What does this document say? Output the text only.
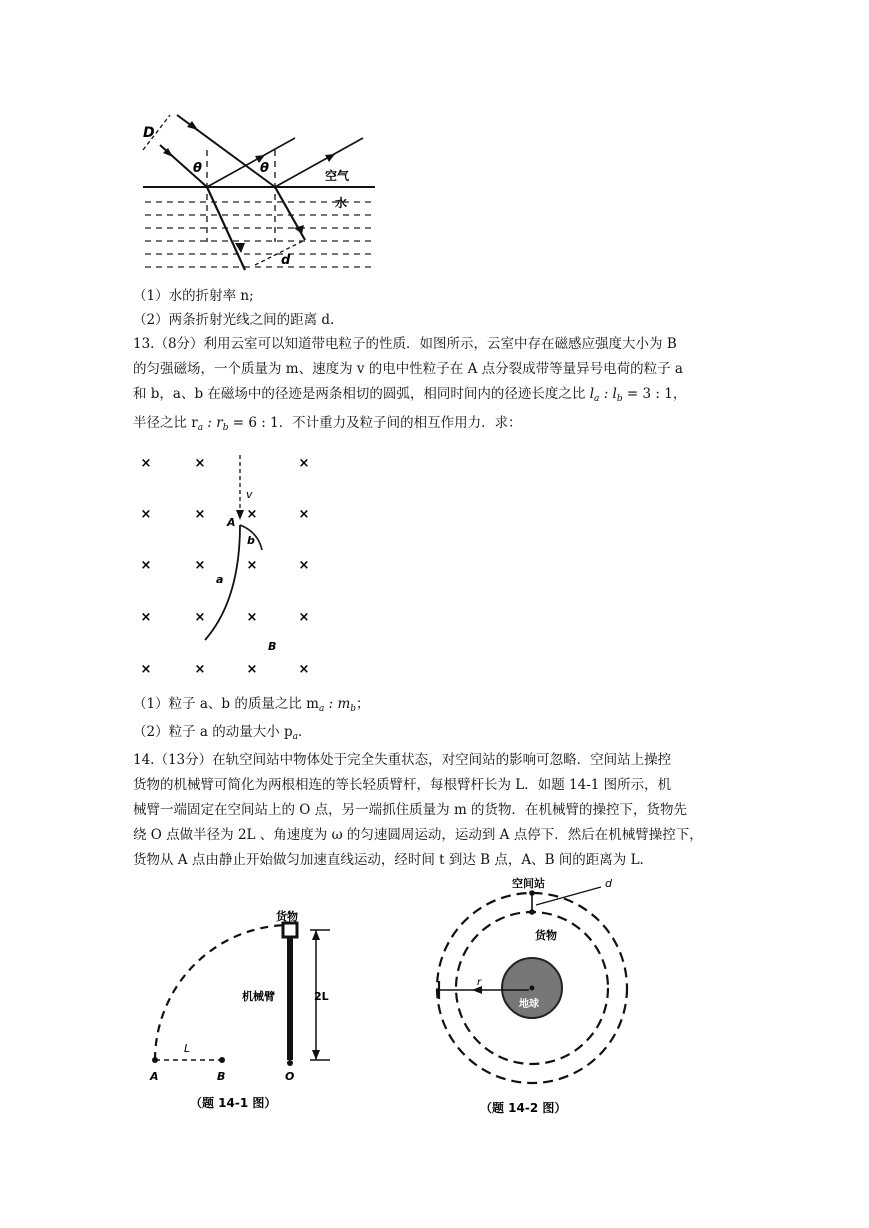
D
θ	θ	空气
水
d
（1）水的折射率 n;
（2）两条折射光线之间的距离 d.
13.（8分）利用云室可以知道带电粒子的性质．如图所示，云室中存在磁感应强度大小为 B
的匀强磁场，一个质量为 m、速度为 v 的电中性粒子在 A 点分裂成带等量异号电荷的粒子 a
和 b，a、b 在磁场中的径迹是两条相切的圆弧，相同时间内的径迹长度之比 $l_a$ : $l_b = 3$ : 1，
半径之比 $r_a$ : $r_b = 6$ : 1．不计重力及粒子间的相互作用力．求：
×	×	×
×	×	×	×
×	×	×	×
×	×	×	×
×	×	×	×
v
A
b
a
B
（1）粒子 a、b 的质量之比 $m_a$ : $m_b$；
（2）粒子 a 的动量大小 $p_a$．
14.（13分）在轨空间站中物体处于完全失重状态，对空间站的影响可忽略．空间站上操控
货物的机械臂可简化为两根相连的等长轻质臂杆，每根臂杆长为 L．如题 14-1 图所示，机
械臂一端固定在空间站上的 O 点，另一端抓住质量为 m 的货物．在机械臂的操控下，货物先
绕 O 点做半径为 2L 、角速度为 ω 的匀速圆周运动，运动到 A 点停下．然后在机械臂操控下，
货物从 A 点由静止开始做匀加速直线运动，经时间 t 到达 B 点，A、B 间的距离为 L.
货物
机械臂	2L
L
A	B	O
（题 14-1 图）
空间站	d
货物
r
地球
（题 14-2 图）
